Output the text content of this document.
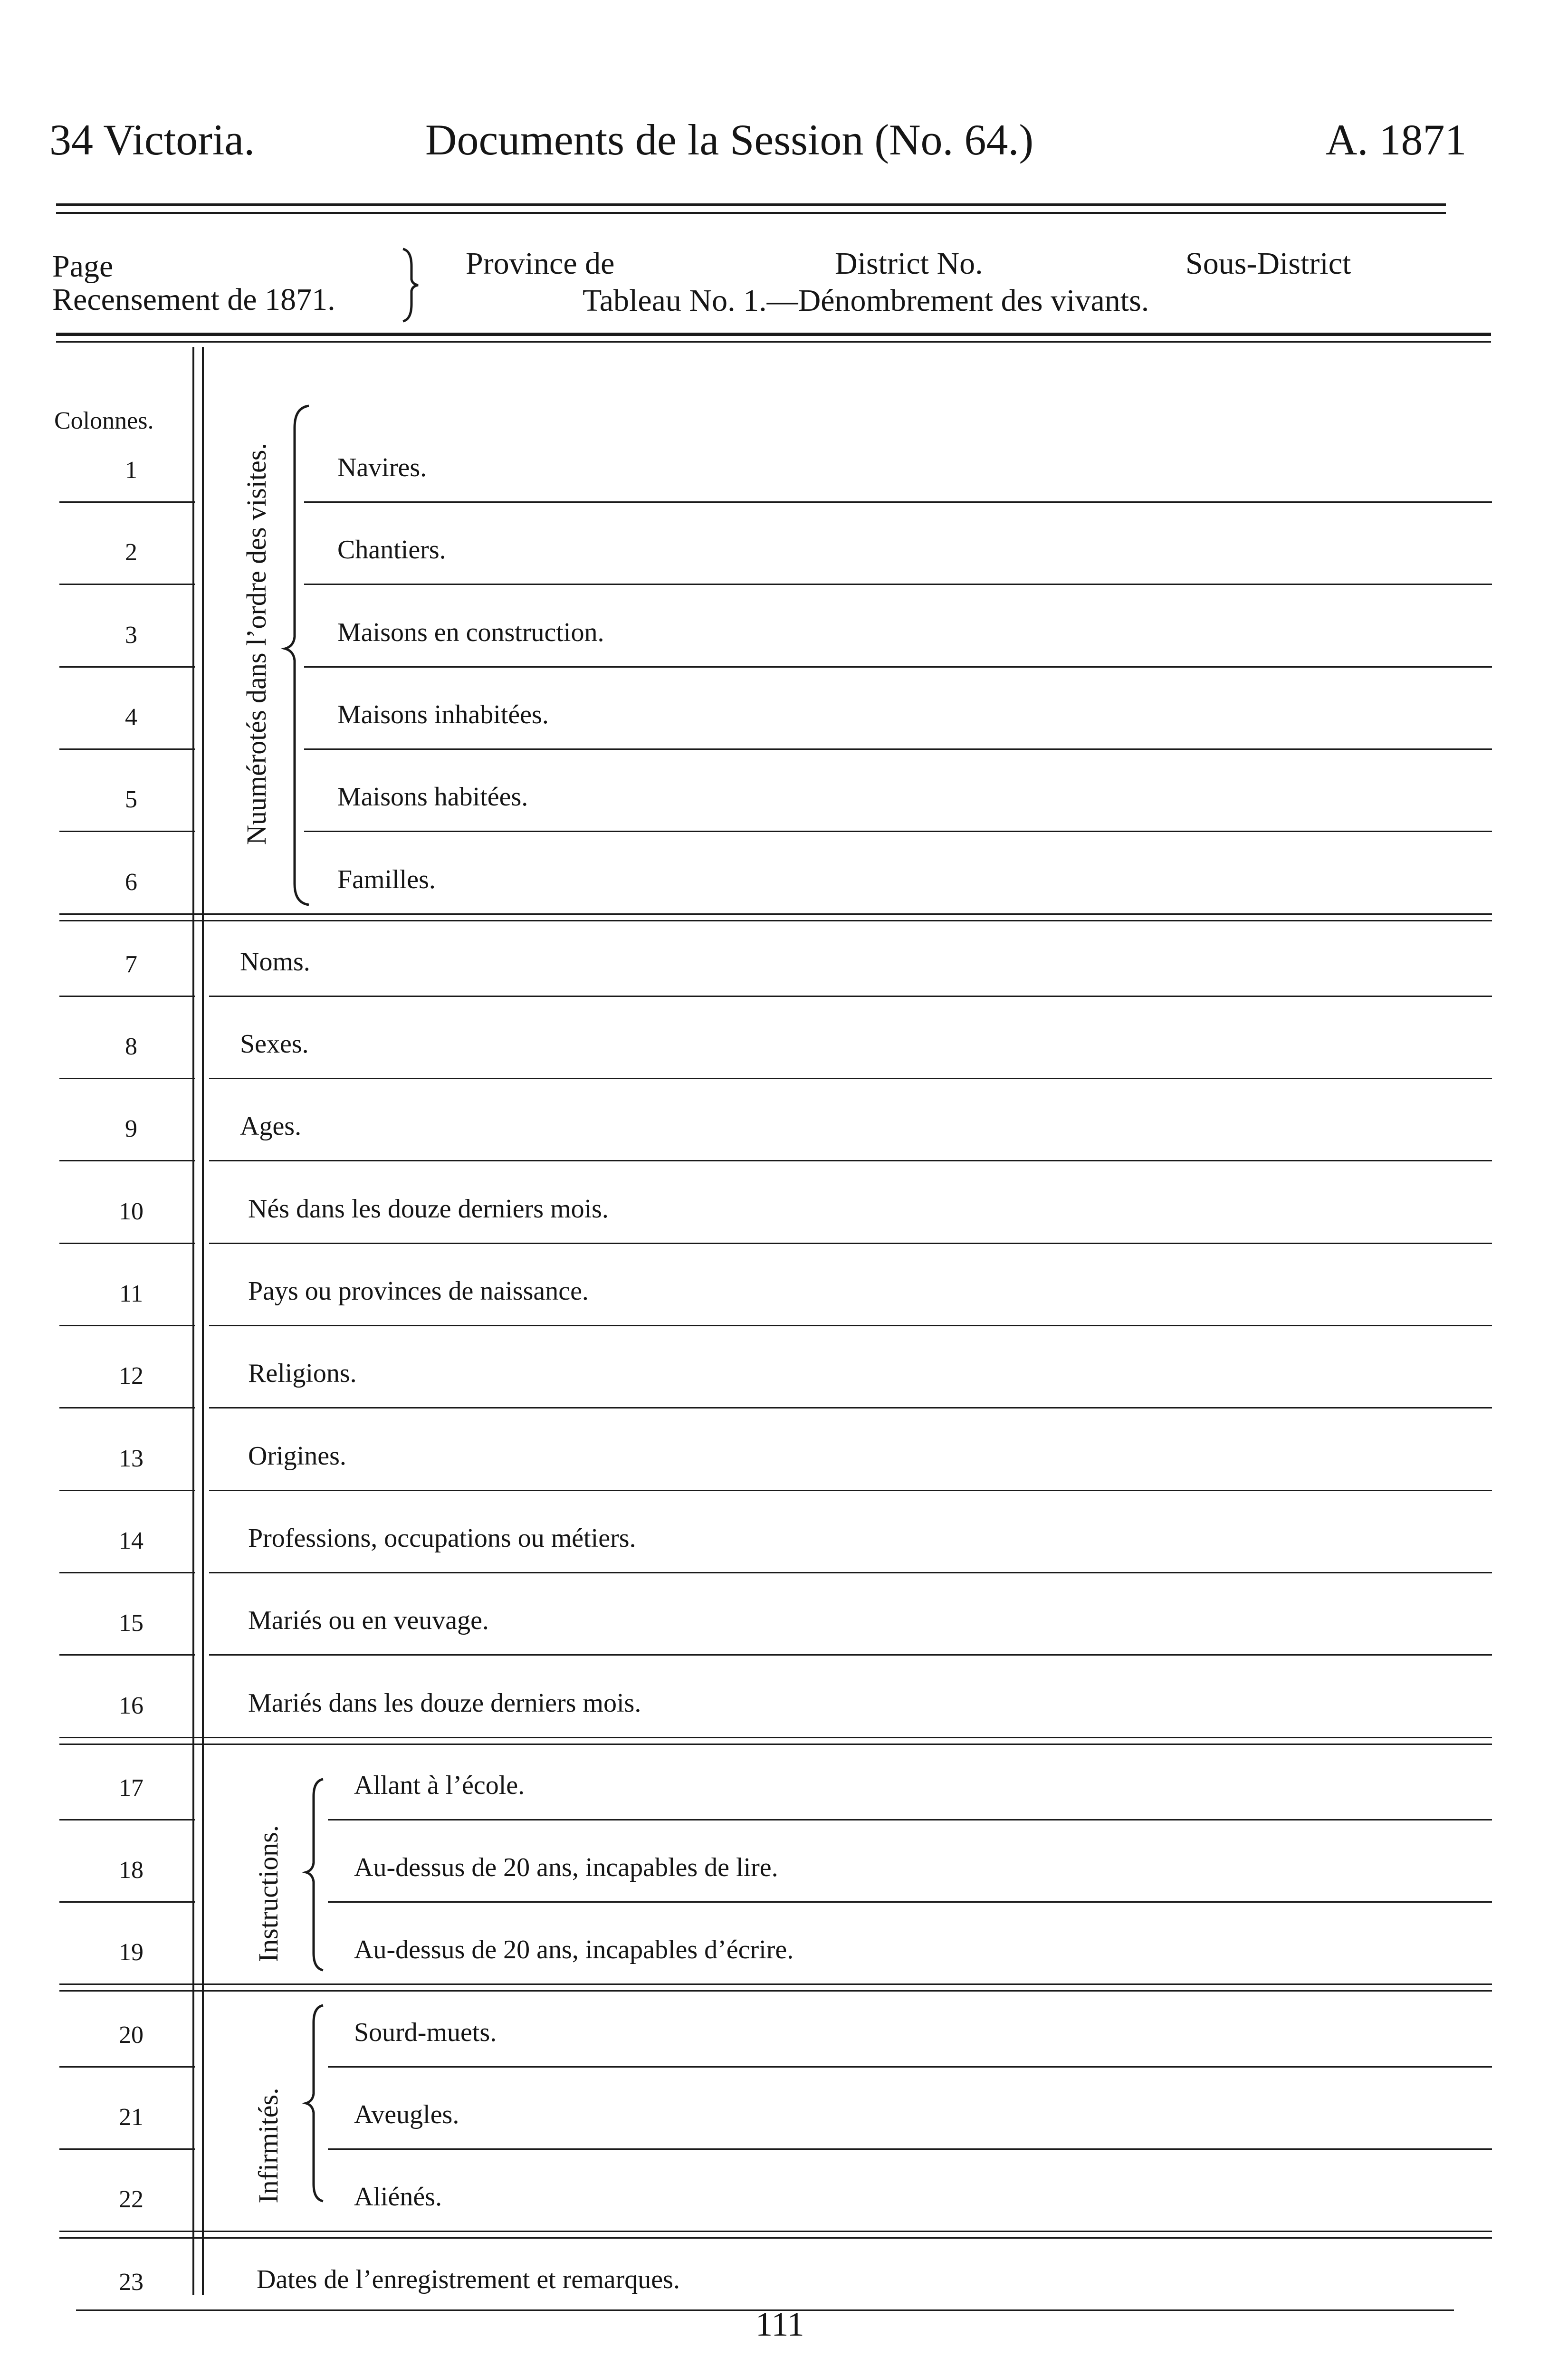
34 Victoria.	Documents de la Session (No. 64.)	A. 1871
Page
Recensement de 1871.
Province de	District No.	Sous-District
Tableau No. 1.—Dénombrement des vivants.
Colonnes.
Nuumérotés dans l’ordre des visites.
Instructions.
Infirmités.
1	Navires.
2	Chantiers.
3	Maisons en construction.
4	Maisons inhabitées.
5	Maisons habitées.
6	Familles.
7	Noms.
8	Sexes.
9	Ages.
10	Nés dans les douze derniers mois.
11	Pays ou provinces de naissance.
12	Religions.
13	Origines.
14	Professions, occupations ou métiers.
15	Mariés ou en veuvage.
16	Mariés dans les douze derniers mois.
17	Allant à l’école.
18	Au-dessus de 20 ans, incapables de lire.
19	Au-dessus de 20 ans, incapables d’écrire.
20	Sourd-muets.
21	Aveugles.
22	Aliénés.
23	Dates de l’enregistrement et remarques.
111
